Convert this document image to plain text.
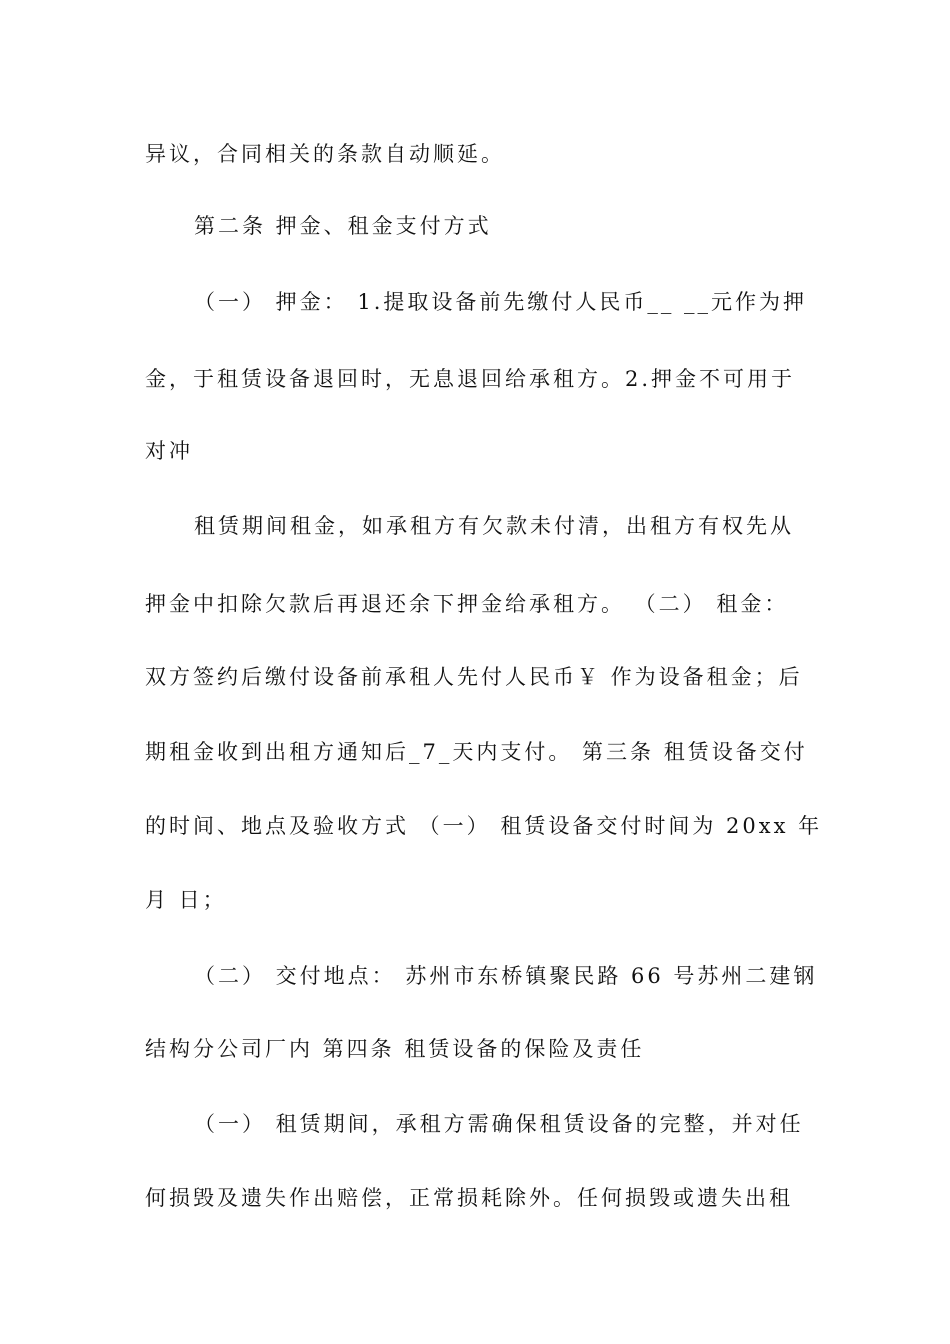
异议，合同相关的条款自动顺延。
第二条 押金、租金支付方式
（一） 押金： 1.提取设备前先缴付人民币__ __元作为押
金，于租赁设备退回时，无息退回给承租方。2.押金不可用于
对冲
租赁期间租金，如承租方有欠款未付清，出租方有权先从
押金中扣除欠款后再退还余下押金给承租方。 （二） 租金：
双方签约后缴付设备前承租人先付人民币￥ 作为设备租金；后
期租金收到出租方通知后_7_天内支付。 第三条 租赁设备交付
的时间、地点及验收方式 （一） 租赁设备交付时间为 20xx 年
月 日；
（二） 交付地点： 苏州市东桥镇聚民路 66 号苏州二建钢
结构分公司厂内 第四条 租赁设备的保险及责任
（一） 租赁期间，承租方需确保租赁设备的完整，并对任
何损毁及遗失作出赔偿，正常损耗除外。任何损毁或遗失出租
